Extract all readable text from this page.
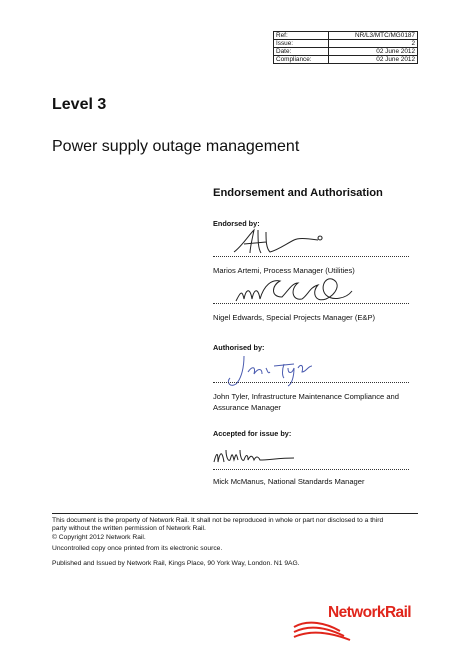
Ref:	NR/L3/MTC/MG0187
Issue:	2
Date:	02 June 2012
Compliance:	02 June 2012
Level 3
Power supply outage management
Endorsement and Authorisation
Endorsed by:
Marios Artemi, Process Manager (Utilities)
Nigel Edwards, Special Projects Manager (E&P)
Authorised by:
John Tyler, Infrastructure Maintenance Compliance and
Assurance Manager
Accepted for issue by:
Mick McManus, National Standards Manager
This document is the property of Network Rail. It shall not be reproduced in whole or part nor disclosed to a third
party without the written permission of Network Rail.
© Copyright 2012 Network Rail.
Uncontrolled copy once printed from its electronic source.
Published and Issued by Network Rail, Kings Place, 90 York Way, London. N1 9AG.
NetworkRail
